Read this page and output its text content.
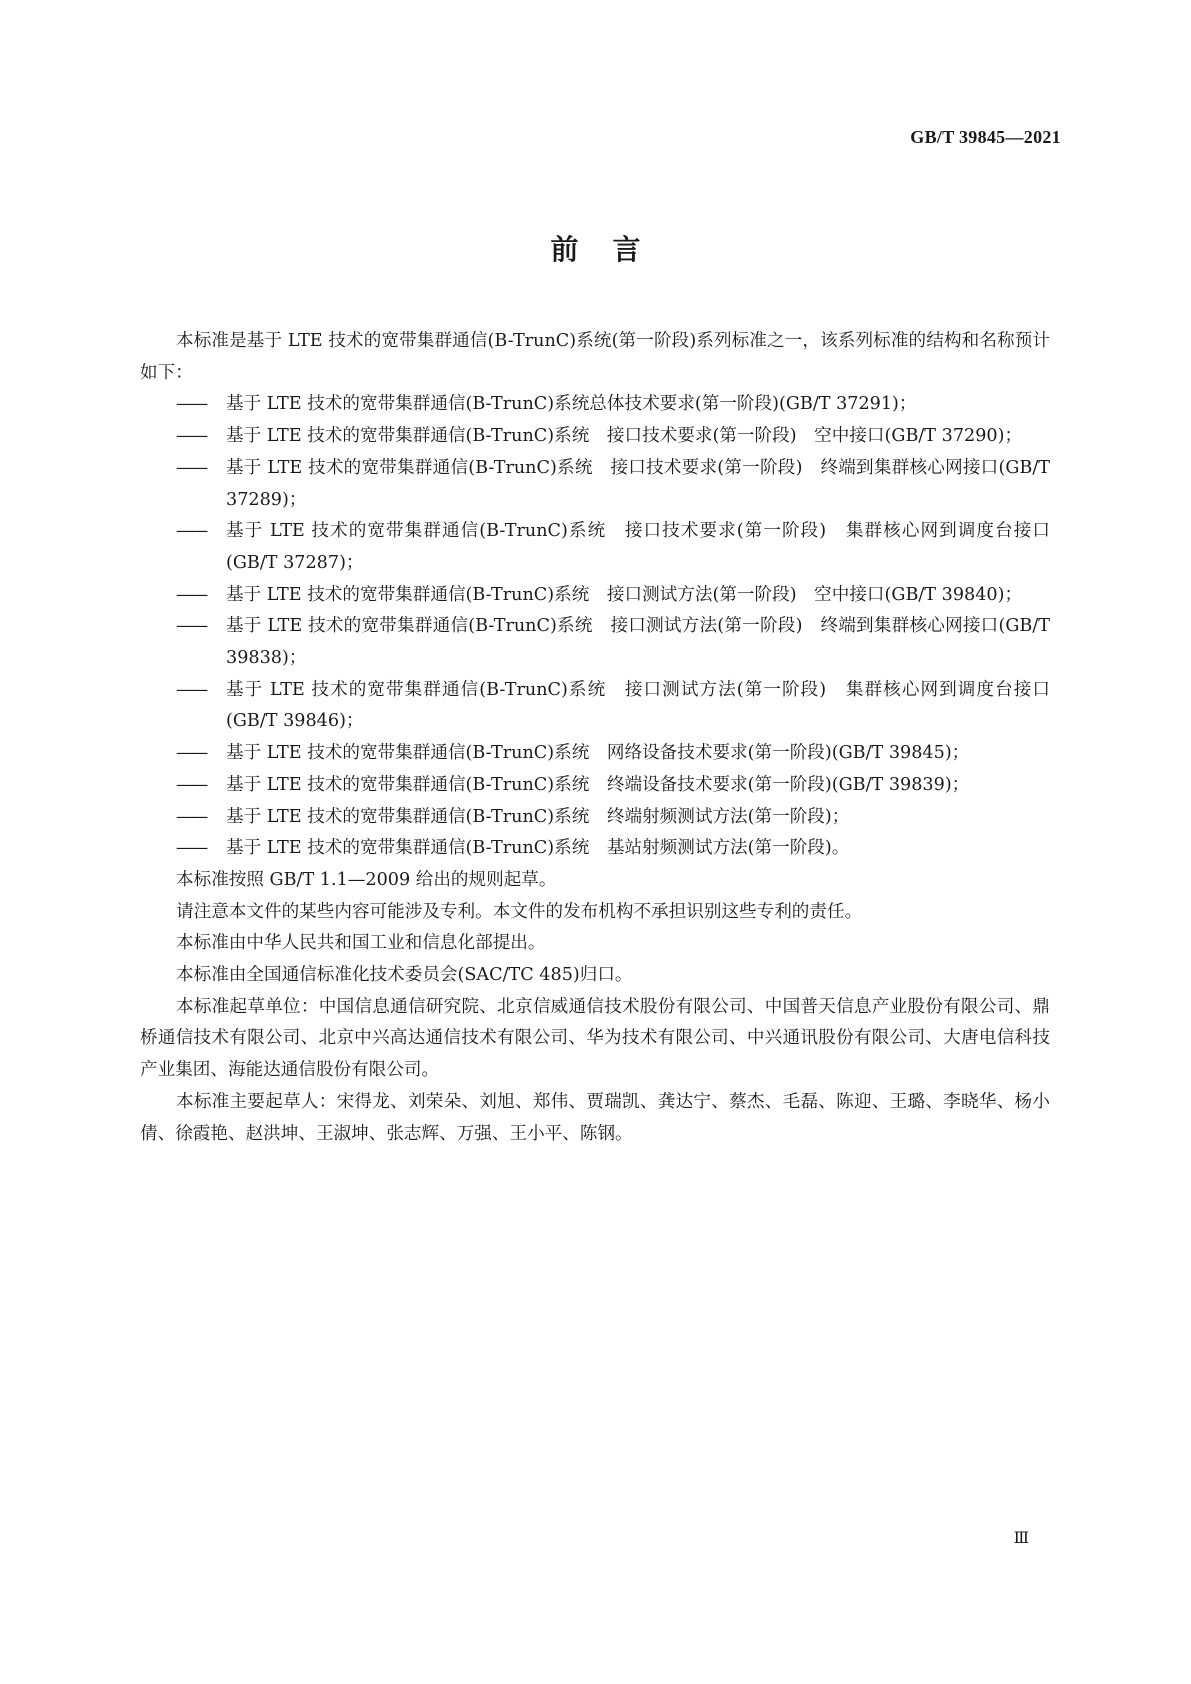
GB/T 39845—2021
前言

本标准是基于 LTE 技术的宽带集群通信(B-TrunC)系统(第一阶段)系列标准之一，该系列标准的结构和名称预计如下：

——	基于 LTE 技术的宽带集群通信(B-TrunC)系统总体技术要求(第一阶段)(GB/T 37291)；
——	基于 LTE 技术的宽带集群通信(B-TrunC)系统　接口技术要求(第一阶段)　空中接口(GB/T 37290)；
——	基于 LTE 技术的宽带集群通信(B-TrunC)系统　接口技术要求(第一阶段)　终端到集群核心网接口(GB/T 37289)；
——	基于 LTE 技术的宽带集群通信(B-TrunC)系统　接口技术要求(第一阶段)　集群核心网到调度台接口(GB/T 37287)；
——	基于 LTE 技术的宽带集群通信(B-TrunC)系统　接口测试方法(第一阶段)　空中接口(GB/T 39840)；
——	基于 LTE 技术的宽带集群通信(B-TrunC)系统　接口测试方法(第一阶段)　终端到集群核心网接口(GB/T 39838)；
——	基于 LTE 技术的宽带集群通信(B-TrunC)系统　接口测试方法(第一阶段)　集群核心网到调度台接口(GB/T 39846)；
——	基于 LTE 技术的宽带集群通信(B-TrunC)系统　网络设备技术要求(第一阶段)(GB/T 39845)；
——	基于 LTE 技术的宽带集群通信(B-TrunC)系统　终端设备技术要求(第一阶段)(GB/T 39839)；
——	基于 LTE 技术的宽带集群通信(B-TrunC)系统　终端射频测试方法(第一阶段)；
——	基于 LTE 技术的宽带集群通信(B-TrunC)系统　基站射频测试方法(第一阶段)。

本标准按照 GB/T 1.1—2009 给出的规则起草。

请注意本文件的某些内容可能涉及专利。本文件的发布机构不承担识别这些专利的责任。

本标准由中华人民共和国工业和信息化部提出。

本标准由全国通信标准化技术委员会(SAC/TC 485)归口。

本标准起草单位：中国信息通信研究院、北京信威通信技术股份有限公司、中国普天信息产业股份有限公司、鼎桥通信技术有限公司、北京中兴高达通信技术有限公司、华为技术有限公司、中兴通讯股份有限公司、大唐电信科技产业集团、海能达通信股份有限公司。

本标准主要起草人：宋得龙、刘荣朵、刘旭、郑伟、贾瑞凯、龚达宁、蔡杰、毛磊、陈迎、王璐、李晓华、杨小倩、徐霞艳、赵洪坤、王淑坤、张志辉、万强、王小平、陈钢。

Ⅲ
